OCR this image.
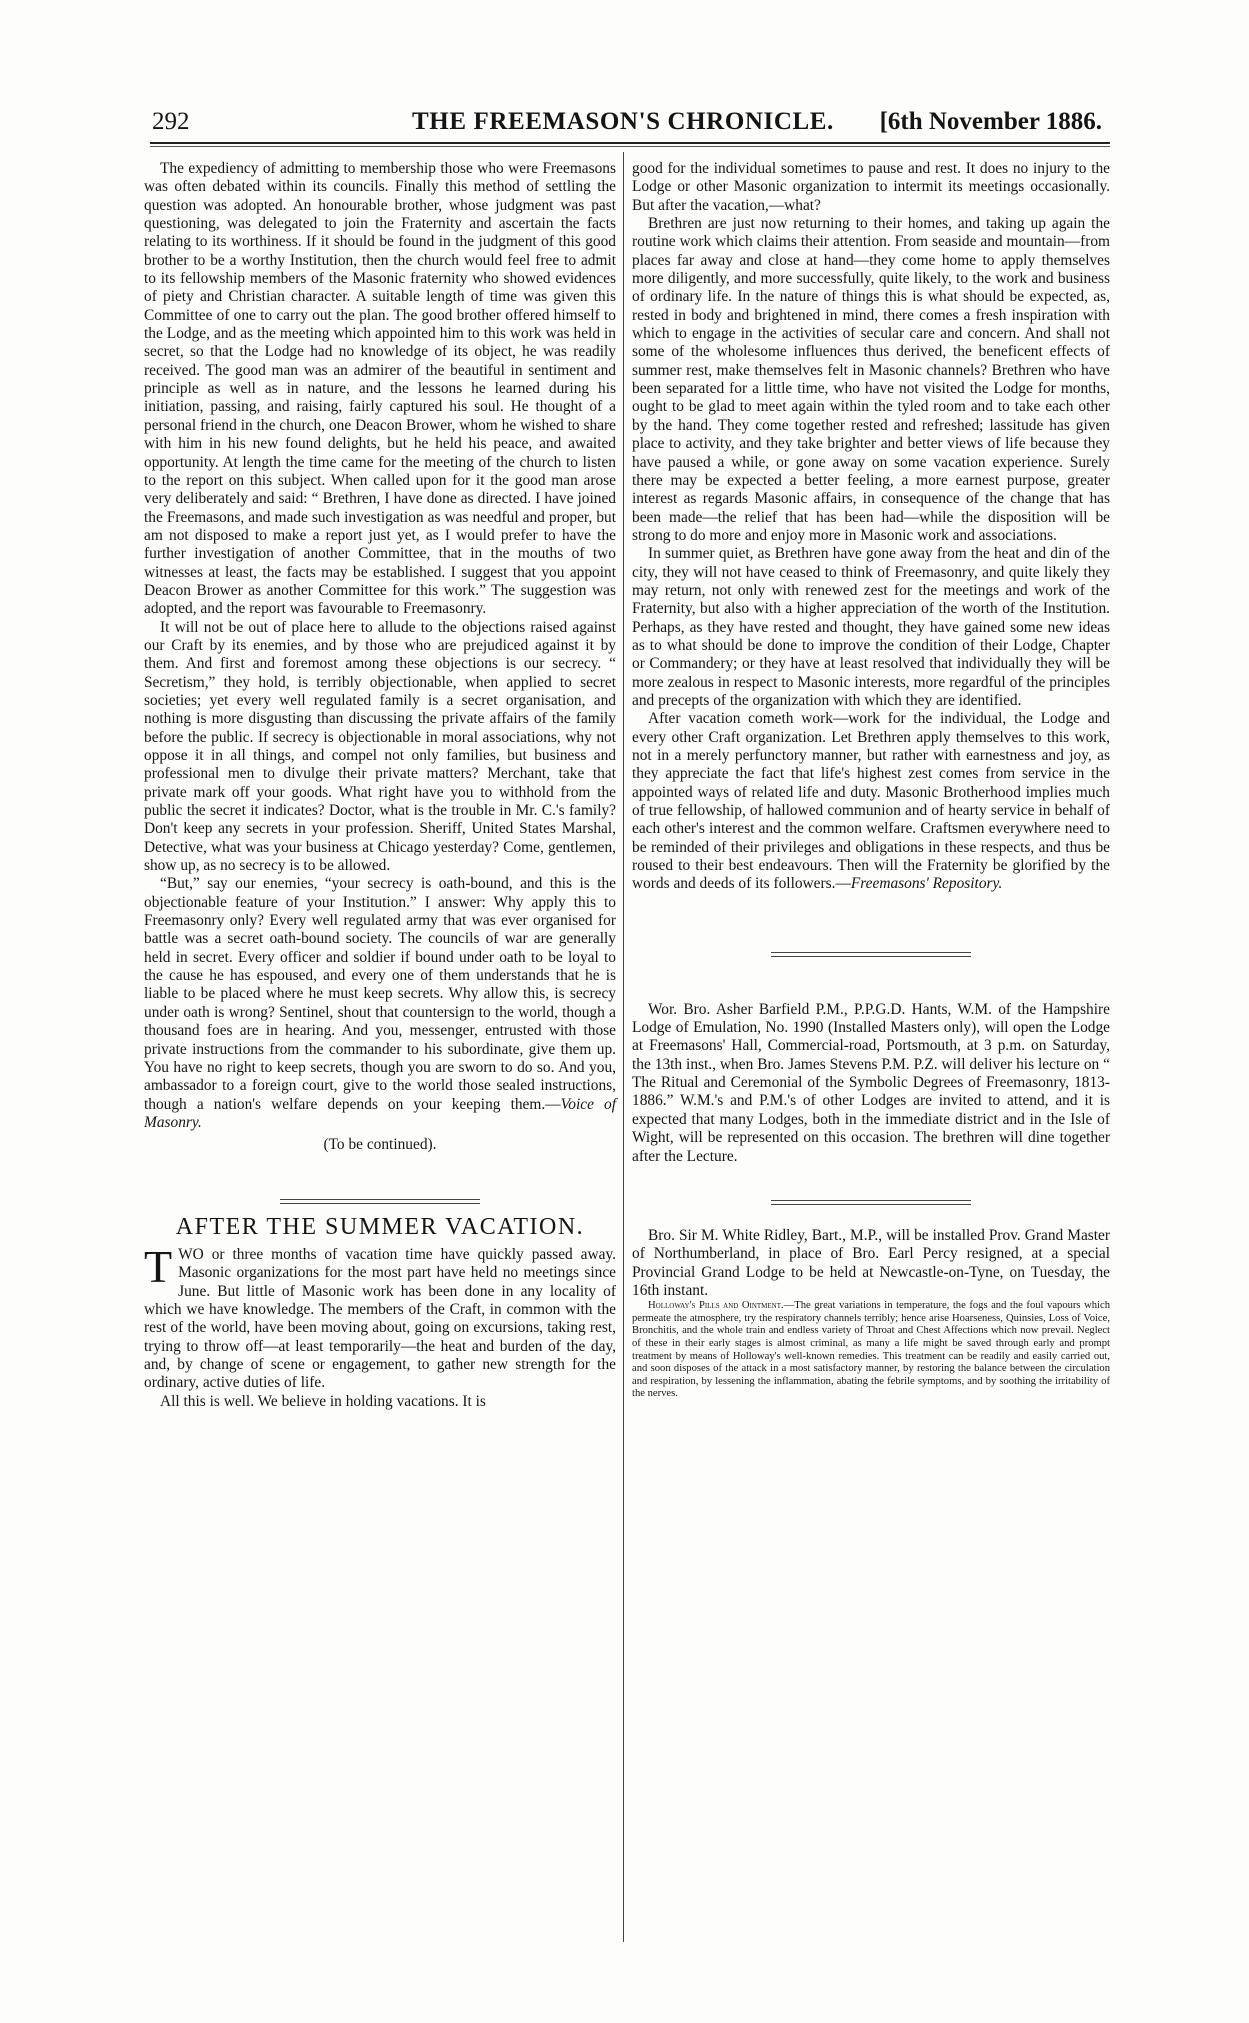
292	THE FREEMASON'S CHRONICLE. [6th November 1886.

The expediency of admitting to membership those who were Freemasons was often debated within its councils. Finally this method of settling the question was adopted. An honourable brother, whose judgment was past questioning, was delegated to join the Fraternity and ascertain the facts relating to its worthiness. If it should be found in the judgment of this good brother to be a worthy Institution, then the church would feel free to admit to its fellowship members of the Masonic fraternity who showed evidences of piety and Christian character. A suitable length of time was given this Committee of one to carry out the plan. The good brother offered himself to the Lodge, and as the meeting which appointed him to this work was held in secret, so that the Lodge had no knowledge of its object, he was readily received. The good man was an admirer of the beautiful in sentiment and principle as well as in nature, and the lessons he learned during his initiation, passing, and raising, fairly captured his soul. He thought of a personal friend in the church, one Deacon Brower, whom he wished to share with him in his new found delights, but he held his peace, and awaited opportunity. At length the time came for the meeting of the church to listen to the report on this subject. When called upon for it the good man arose very deliberately and said: “ Brethren, I have done as directed. I have joined the Freemasons, and made such investigation as was needful and proper, but am not disposed to make a report just yet, as I would prefer to have the further investigation of another Committee, that in the mouths of two witnesses at least, the facts may be established. I suggest that you appoint Deacon Brower as another Committee for this work.” The suggestion was adopted, and the report was favourable to Freemasonry.

It will not be out of place here to allude to the objections raised against our Craft by its enemies, and by those who are prejudiced against it by them. And first and foremost among these objections is our secrecy. “ Secretism,” they hold, is terribly objectionable, when applied to secret societies; yet every well regulated family is a secret organisation, and nothing is more disgusting than discussing the private affairs of the family before the public. If secrecy is objectionable in moral associations, why not oppose it in all things, and compel not only families, but business and professional men to divulge their private matters? Merchant, take that private mark off your goods. What right have you to withhold from the public the secret it indicates? Doctor, what is the trouble in Mr. C.'s family? Don't keep any secrets in your profession. Sheriff, United States Marshal, Detective, what was your business at Chicago yesterday? Come, gentlemen, show up, as no secrecy is to be allowed.

“But,” say our enemies, “your secrecy is oath-bound, and this is the objectionable feature of your Institution.” I answer: Why apply this to Freemasonry only? Every well regulated army that was ever organised for battle was a secret oath-bound society. The councils of war are generally held in secret. Every officer and soldier if bound under oath to be loyal to the cause he has espoused, and every one of them understands that he is liable to be placed where he must keep secrets. Why allow this, is secrecy under oath is wrong? Sentinel, shout that countersign to the world, though a thousand foes are in hearing. And you, messenger, entrusted with those private instructions from the commander to his subordinate, give them up. You have no right to keep secrets, though you are sworn to do so. And you, ambassador to a foreign court, give to the world those sealed instructions, though a nation's welfare depends on your keeping them.—Voice of Masonry.

(To be continued).

AFTER THE SUMMER VACATION.

TWO or three months of vacation time have quickly passed away. Masonic organizations for the most part have held no meetings since June. But little of Masonic work has been done in any locality of which we have knowledge. The members of the Craft, in common with the rest of the world, have been moving about, going on excursions, taking rest, trying to throw off—at least temporarily—the heat and burden of the day, and, by change of scene or engagement, to gather new strength for the ordinary, active duties of life.

All this is well. We believe in holding vacations. It is

good for the individual sometimes to pause and rest. It does no injury to the Lodge or other Masonic organization to intermit its meetings occasionally. But after the vacation,—what?

Brethren are just now returning to their homes, and taking up again the routine work which claims their attention. From seaside and mountain—from places far away and close at hand—they come home to apply themselves more diligently, and more successfully, quite likely, to the work and business of ordinary life. In the nature of things this is what should be expected, as, rested in body and brightened in mind, there comes a fresh inspiration with which to engage in the activities of secular care and concern. And shall not some of the wholesome influences thus derived, the beneficent effects of summer rest, make themselves felt in Masonic channels? Brethren who have been separated for a little time, who have not visited the Lodge for months, ought to be glad to meet again within the tyled room and to take each other by the hand. They come together rested and refreshed; lassitude has given place to activity, and they take brighter and better views of life because they have paused a while, or gone away on some vacation experience. Surely there may be expected a better feeling, a more earnest purpose, greater interest as regards Masonic affairs, in consequence of the change that has been made—the relief that has been had—while the disposition will be strong to do more and enjoy more in Masonic work and associations.

In summer quiet, as Brethren have gone away from the heat and din of the city, they will not have ceased to think of Freemasonry, and quite likely they may return, not only with renewed zest for the meetings and work of the Fraternity, but also with a higher appreciation of the worth of the Institution. Perhaps, as they have rested and thought, they have gained some new ideas as to what should be done to improve the condition of their Lodge, Chapter or Commandery; or they have at least resolved that individually they will be more zealous in respect to Masonic interests, more regardful of the principles and precepts of the organization with which they are identified.

After vacation cometh work—work for the individual, the Lodge and every other Craft organization. Let Brethren apply themselves to this work, not in a merely perfunctory manner, but rather with earnestness and joy, as they appreciate the fact that life's highest zest comes from service in the appointed ways of related life and duty. Masonic Brotherhood implies much of true fellowship, of hallowed communion and of hearty service in behalf of each other's interest and the common welfare. Craftsmen everywhere need to be reminded of their privileges and obligations in these respects, and thus be roused to their best endeavours. Then will the Fraternity be glorified by the words and deeds of its followers.—Freemasons' Repository.

Wor. Bro. Asher Barfield P.M., P.P.G.D. Hants, W.M. of the Hampshire Lodge of Emulation, No. 1990 (Installed Masters only), will open the Lodge at Freemasons' Hall, Commercial-road, Portsmouth, at 3 p.m. on Saturday, the 13th inst., when Bro. James Stevens P.M. P.Z. will deliver his lecture on “ The Ritual and Ceremonial of the Symbolic Degrees of Freemasonry, 1813-1886.” W.M.'s and P.M.'s of other Lodges are invited to attend, and it is expected that many Lodges, both in the immediate district and in the Isle of Wight, will be represented on this occasion. The brethren will dine together after the Lecture.

Bro. Sir M. White Ridley, Bart., M.P., will be installed Prov. Grand Master of Northumberland, in place of Bro. Earl Percy resigned, at a special Provincial Grand Lodge to be held at Newcastle-on-Tyne, on Tuesday, the 16th instant.

Holloway's Pills and Ointment.—The great variations in temperature, the fogs and the foul vapours which permeate the atmosphere, try the respiratory channels terribly; hence arise Hoarseness, Quinsies, Loss of Voice, Bronchitis, and the whole train and endless variety of Throat and Chest Affections which now prevail. Neglect of these in their early stages is almost criminal, as many a life might be saved through early and prompt treatment by means of Holloway's well-known remedies. This treatment can be readily and easily carried out, and soon disposes of the attack in a most satisfactory manner, by restoring the balance between the circulation and respiration, by lessening the inflammation, abating the febrile symptoms, and by soothing the irritability of the nerves.
